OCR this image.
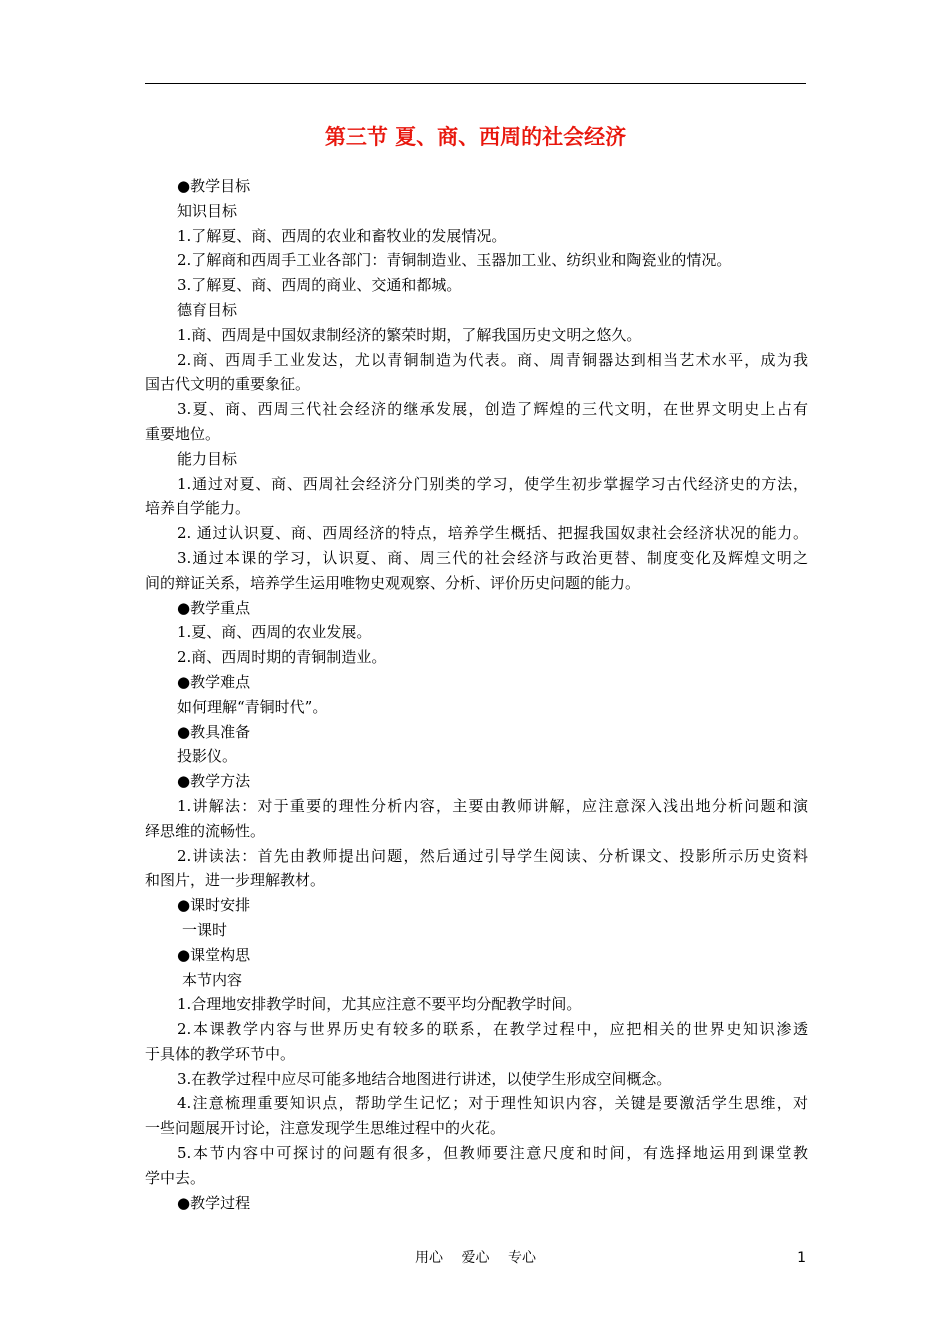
第三节 夏、商、西周的社会经济
●教学目标
知识目标
1.了解夏、商、西周的农业和畜牧业的发展情况。
2.了解商和西周手工业各部门：青铜制造业、玉器加工业、纺织业和陶瓷业的情况。
3.了解夏、商、西周的商业、交通和都城。
德育目标
1.商、西周是中国奴隶制经济的繁荣时期，了解我国历史文明之悠久。
2.商、西周手工业发达，尤以青铜制造为代表。商、周青铜器达到相当艺术水平，成为我
国古代文明的重要象征。
3.夏、商、西周三代社会经济的继承发展，创造了辉煌的三代文明，在世界文明史上占有
重要地位。
能力目标
1.通过对夏、商、西周社会经济分门别类的学习，使学生初步掌握学习古代经济史的方法，
培养自学能力。
2. 通过认识夏、商、西周经济的特点，培养学生概括、把握我国奴隶社会经济状况的能力。
3.通过本课的学习，认识夏、商、周三代的社会经济与政治更替、制度变化及辉煌文明之
间的辩证关系，培养学生运用唯物史观观察、分析、评价历史问题的能力。
●教学重点
1.夏、商、西周的农业发展。
2.商、西周时期的青铜制造业。
●教学难点
如何理解“青铜时代”。
●教具准备
投影仪。
●教学方法
1.讲解法：对于重要的理性分析内容，主要由教师讲解，应注意深入浅出地分析问题和演
绎思维的流畅性。
2.讲读法：首先由教师提出问题，然后通过引导学生阅读、分析课文、投影所示历史资料
和图片，进一步理解教材。
●课时安排
一课时
●课堂构思
本节内容
1.合理地安排教学时间，尤其应注意不要平均分配教学时间。
2.本课教学内容与世界历史有较多的联系，在教学过程中，应把相关的世界史知识渗透
于具体的教学环节中。
3.在教学过程中应尽可能多地结合地图进行讲述，以使学生形成空间概念。
4.注意梳理重要知识点，帮助学生记忆；对于理性知识内容，关键是要激活学生思维，对
一些问题展开讨论，注意发现学生思维过程中的火花。
5.本节内容中可探讨的问题有很多，但教师要注意尺度和时间，有选择地运用到课堂教
学中去。
●教学过程
用心 爱心 专心	1
